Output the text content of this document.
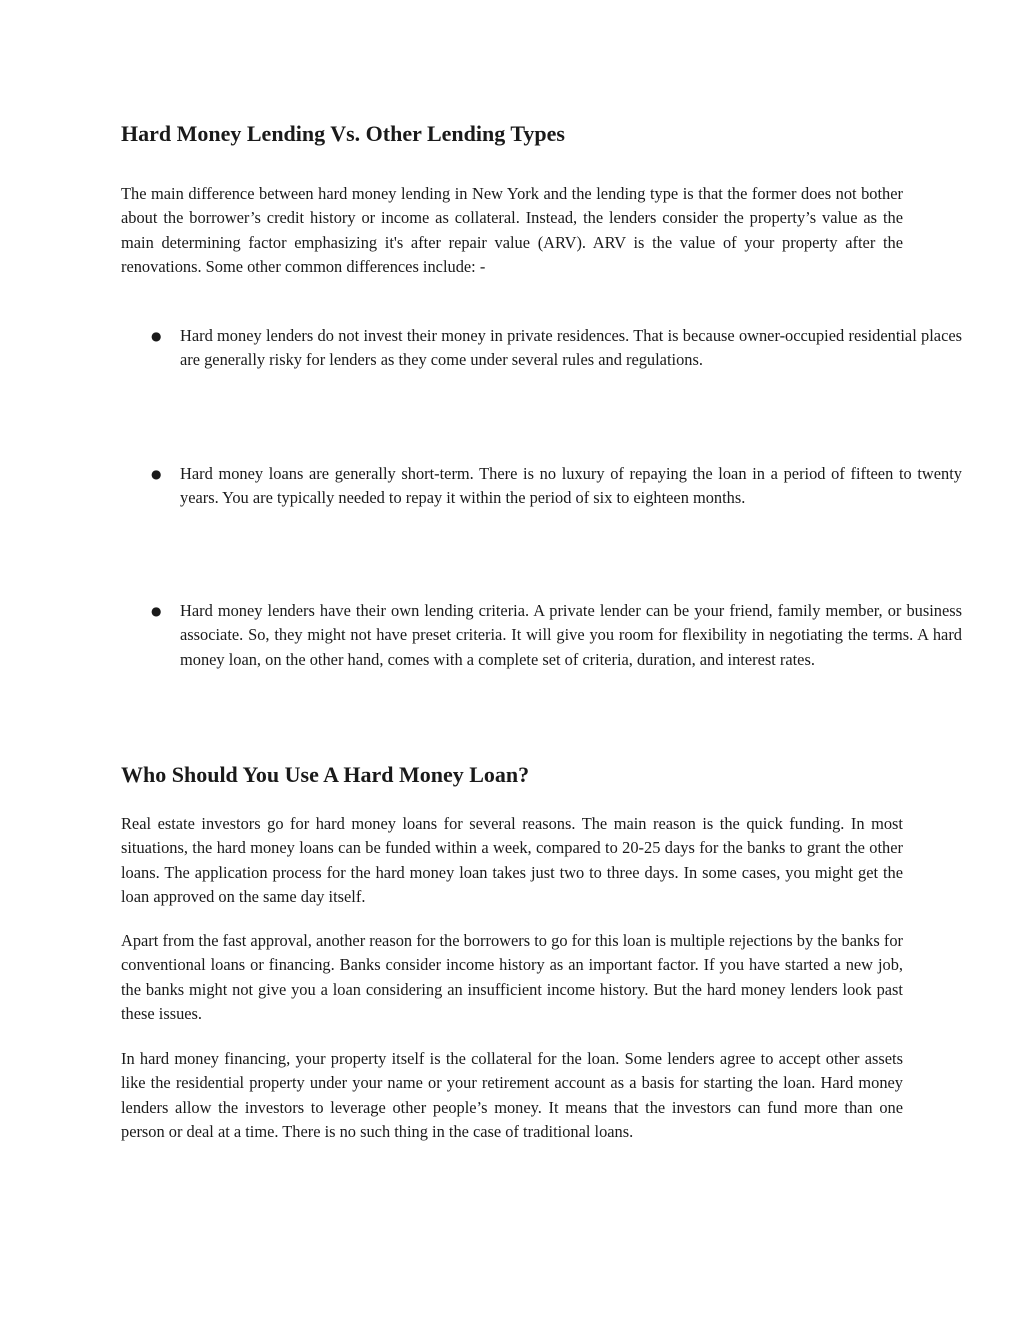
Hard Money Lending Vs. Other Lending Types

The main difference between hard money lending in New York and the lending type is that the former does not bother about the borrower’s credit history or income as collateral. Instead, the lenders consider the property’s value as the main determining factor emphasizing it's after repair value (ARV). ARV is the value of your property after the renovations. Some other common differences include: -

● Hard money lenders do not invest their money in private residences. That is because owner-occupied residential places are generally risky for lenders as they come under several rules and regulations.
● Hard money loans are generally short-term. There is no luxury of repaying the loan in a period of fifteen to twenty years. You are typically needed to repay it within the period of six to eighteen months.
● Hard money lenders have their own lending criteria. A private lender can be your friend, family member, or business associate. So, they might not have preset criteria. It will give you room for flexibility in negotiating the terms. A hard money loan, on the other hand, comes with a complete set of criteria, duration, and interest rates.
Who Should You Use A Hard Money Loan?

Real estate investors go for hard money loans for several reasons. The main reason is the quick funding. In most situations, the hard money loans can be funded within a week, compared to 20-25 days for the banks to grant the other loans. The application process for the hard money loan takes just two to three days. In some cases, you might get the loan approved on the same day itself.

Apart from the fast approval, another reason for the borrowers to go for this loan is multiple rejections by the banks for conventional loans or financing. Banks consider income history as an important factor. If you have started a new job, the banks might not give you a loan considering an insufficient income history. But the hard money lenders look past these issues.

In hard money financing, your property itself is the collateral for the loan. Some lenders agree to accept other assets like the residential property under your name or your retirement account as a basis for starting the loan. Hard money lenders allow the investors to leverage other people’s money. It means that the investors can fund more than one person or deal at a time. There is no such thing in the case of traditional loans.
